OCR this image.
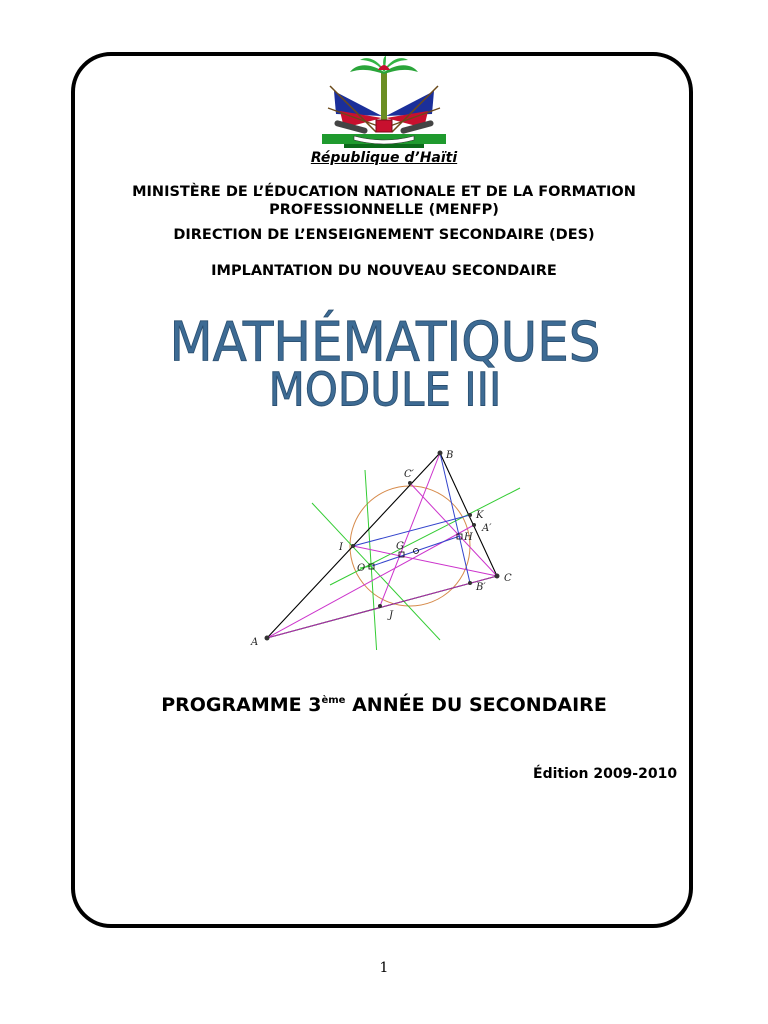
République d’Haïti
MINISTÈRE DE L’ÉDUCATION NATIONALE ET DE LA FORMATION PROFESSIONNELLE (MENFP)
DIRECTION DE L’ENSEIGNEMENT SECONDAIRE (DES)
IMPLANTATION DU NOUVEAU SECONDAIRE
MATHÉMATIQUES
MODULE III
A
B
C
A′
B′
C′
K
H
G
I
O
J
PROGRAMME 3ème ANNÉE DU SECONDAIRE
Édition 2009-2010
1
